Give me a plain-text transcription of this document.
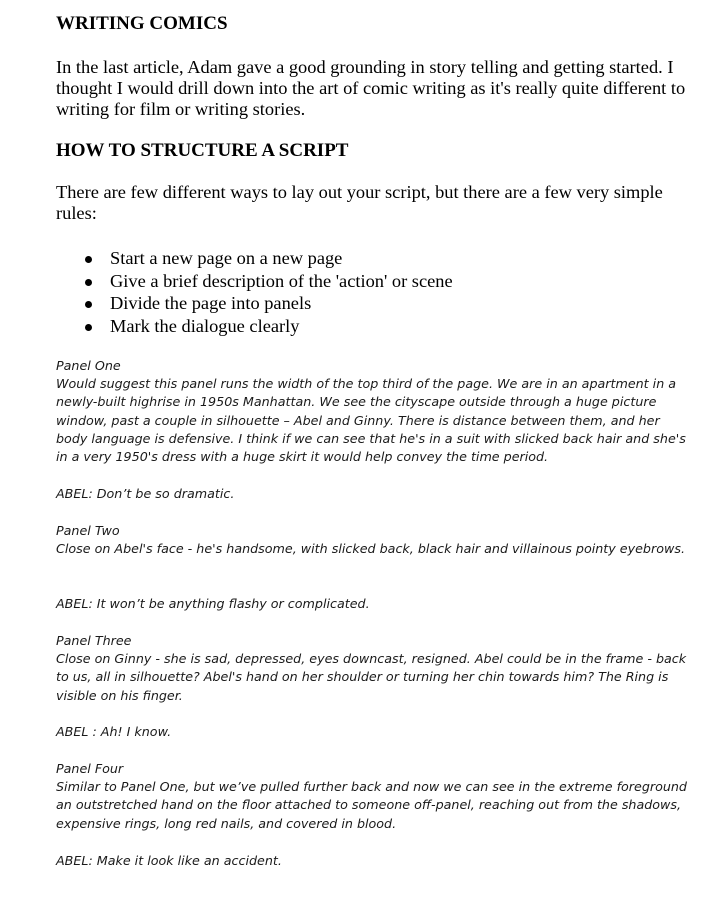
WRITING COMICS

In the last article, Adam gave a good grounding in story telling and getting started. I thought I would drill down into the art of comic writing as it's really quite different to writing for film or writing stories.

HOW TO STRUCTURE A SCRIPT

There are few different ways to lay out your script, but there are a few very simple rules:

Start a new page on a new page
Give a brief description of the 'action' or scene
Divide the page into panels
Mark the dialogue clearly

Panel One

Would suggest this panel runs the width of the top third of the page. We are in an apartment in a newly-built highrise in 1950s Manhattan. We see the cityscape outside through a huge picture window, past a couple in silhouette – Abel and Ginny. There is distance between them, and her body language is defensive. I think if we can see that he's in a suit with slicked back hair and she's in a very 1950's dress with a huge skirt it would help convey the time period.

ABEL: Don’t be so dramatic.

Panel Two

Close on Abel's face - he's handsome, with slicked back, black hair and villainous pointy eyebrows.

ABEL: It won’t be anything flashy or complicated.

Panel Three

Close on Ginny - she is sad, depressed, eyes downcast, resigned. Abel could be in the frame - back to us, all in silhouette? Abel's hand on her shoulder or turning her chin towards him? The Ring is visible on his finger.

ABEL : Ah! I know.

Panel Four

Similar to Panel One, but we’ve pulled further back and now we can see in the extreme foreground an outstretched hand on the floor attached to someone off-panel, reaching out from the shadows, expensive rings, long red nails, and covered in blood.

ABEL: Make it look like an accident.
